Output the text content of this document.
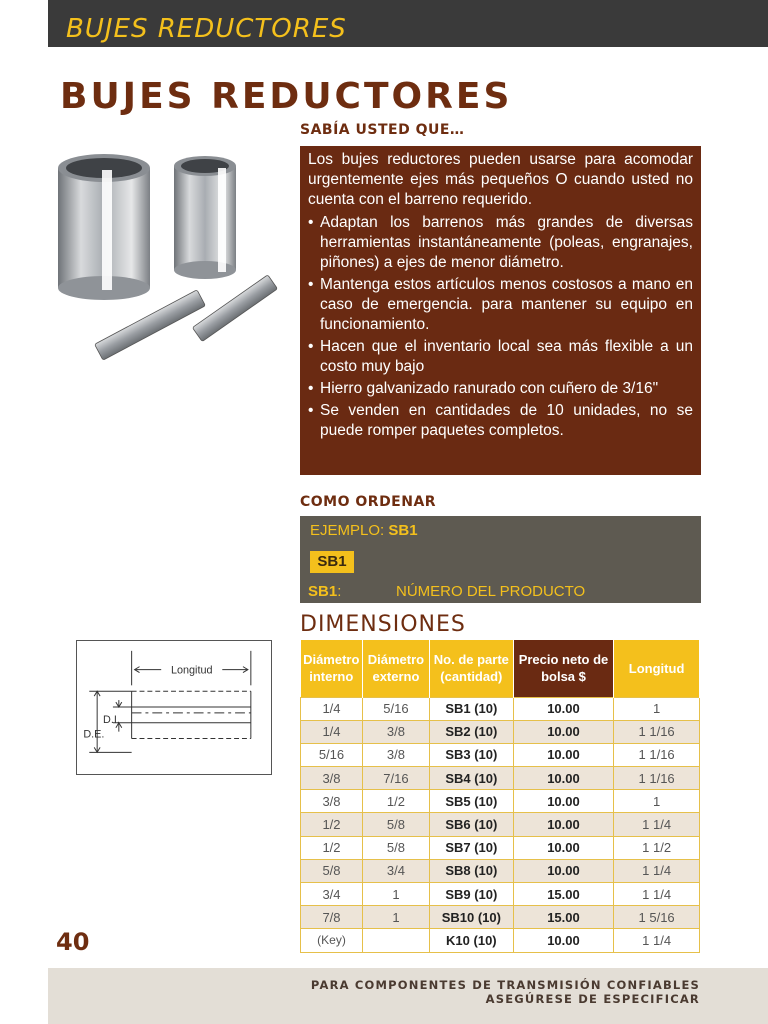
BUJES REDUCTORES
BUJES REDUCTORES
SABÍA USTED QUE…

Los bujes reductores pueden usarse para acomodar urgentemente ejes más pequeños O cuando usted no cuenta con el barreno requerido.

• Adaptan los barrenos más grandes de diversas herramientas instantáneamente (poleas, engranajes, piñones) a ejes de menor diámetro.
• Mantenga estos artículos menos costosos a mano en caso de emergencia. para mantener su equipo en funcionamiento.
• Hacen que el inventario local sea más flexible a un costo muy bajo
• Hierro galvanizado ranurado con cuñero de 3/16"
• Se venden en cantidades de 10 unidades, no se puede romper paquetes completos.
COMO ORDENAR
EJEMPLO: SB1
SB1
SB1:	NÚMERO DEL PRODUCTO
DIMENSIONES
Longitud
D.I.
D.E.
Diámetro interno	Diámetro externo	No. de parte (cantidad)	Precio neto de bolsa $	Longitud
1/4	5/16	SB1 (10)	10.00	1
1/4	3/8	SB2 (10)	10.00	1 1/16
5/16	3/8	SB3 (10)	10.00	1 1/16
3/8	7/16	SB4 (10)	10.00	1 1/16
3/8	1/2	SB5 (10)	10.00	1
1/2	5/8	SB6 (10)	10.00	1 1/4
1/2	5/8	SB7 (10)	10.00	1 1/2
5/8	3/4	SB8 (10)	10.00	1 1/4
3/4	1	SB9 (10)	15.00	1 1/4
7/8	1	SB10 (10)	15.00	1 5/16
(Key)		K10 (10)	10.00	1 1/4
40
PARA COMPONENTES DE TRANSMISIÓN CONFIABLES
ASEGÚRESE DE ESPECIFICAR
